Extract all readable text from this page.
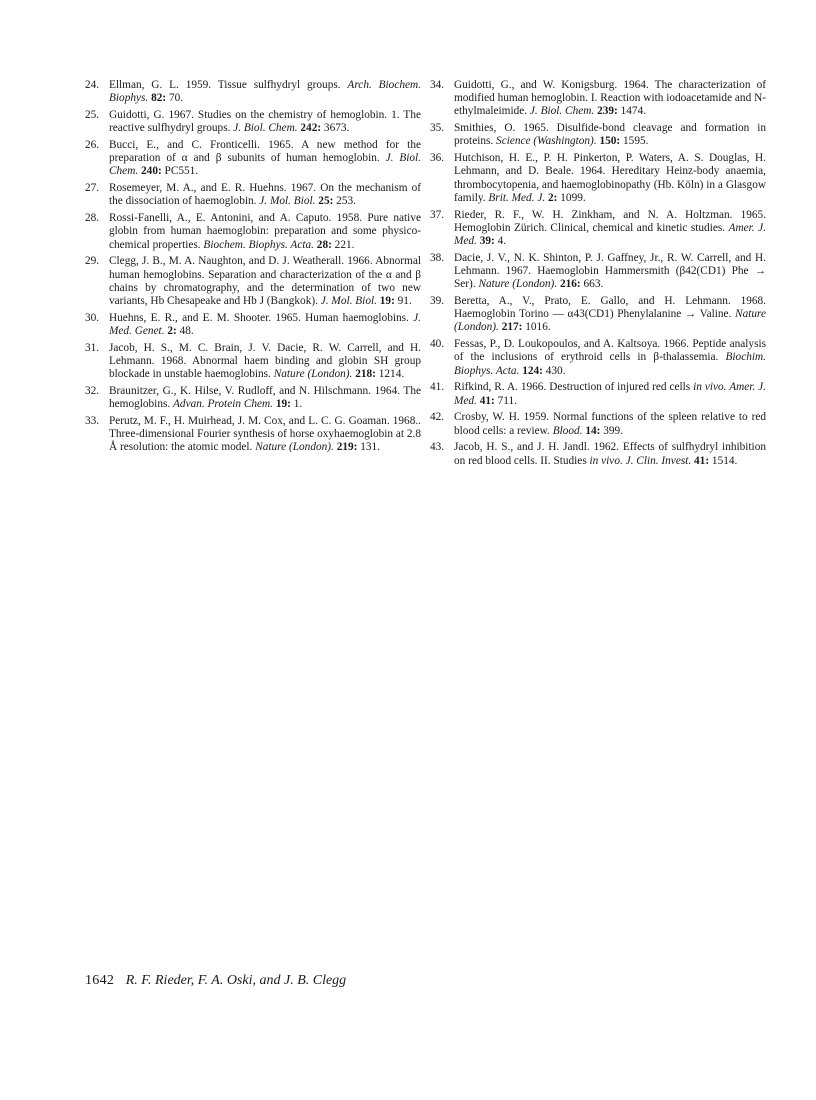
24. Ellman, G. L. 1959. Tissue sulfhydryl groups. Arch. Biochem. Biophys. 82: 70.
25. Guidotti, G. 1967. Studies on the chemistry of hemoglobin. 1. The reactive sulfhydryl groups. J. Biol. Chem. 242: 3673.
26. Bucci, E., and C. Fronticelli. 1965. A new method for the preparation of α and β subunits of human hemoglobin. J. Biol. Chem. 240: PC551.
27. Rosemeyer, M. A., and E. R. Huehns. 1967. On the mechanism of the dissociation of haemoglobin. J. Mol. Biol. 25: 253.
28. Rossi-Fanelli, A., E. Antonini, and A. Caputo. 1958. Pure native globin from human haemoglobin: preparation and some physico-chemical properties. Biochem. Biophys. Acta. 28: 221.
29. Clegg, J. B., M. A. Naughton, and D. J. Weatherall. 1966. Abnormal human hemoglobins. Separation and characterization of the α and β chains by chromatography, and the determination of two new variants, Hb Chesapeake and Hb J (Bangkok). J. Mol. Biol. 19: 91.
30. Huehns, E. R., and E. M. Shooter. 1965. Human haemoglobins. J. Med. Genet. 2: 48.
31. Jacob, H. S., M. C. Brain, J. V. Dacie, R. W. Carrell, and H. Lehmann. 1968. Abnormal haem binding and globin SH group blockade in unstable haemoglobins. Nature (London). 218: 1214.
32. Braunitzer, G., K. Hilse, V. Rudloff, and N. Hilschmann. 1964. The hemoglobins. Advan. Protein Chem. 19: 1.
33. Perutz, M. F., H. Muirhead, J. M. Cox, and L. C. G. Goaman. 1968.. Three-dimensional Fourier synthesis of horse oxyhaemoglobin at 2.8 Å resolution: the atomic model. Nature (London). 219: 131.
34. Guidotti, G., and W. Konigsburg. 1964. The characterization of modified human hemoglobin. I. Reaction with iodoacetamide and N-ethylmaleimide. J. Biol. Chem. 239: 1474.
35. Smithies, O. 1965. Disulfide-bond cleavage and formation in proteins. Science (Washington). 150: 1595.
36. Hutchison, H. E., P. H. Pinkerton, P. Waters, A. S. Douglas, H. Lehmann, and D. Beale. 1964. Hereditary Heinz-body anaemia, thrombocytopenia, and haemoglobinopathy (Hb. Köln) in a Glasgow family. Brit. Med. J. 2: 1099.
37. Rieder, R. F., W. H. Zinkham, and N. A. Holtzman. 1965. Hemoglobin Zürich. Clinical, chemical and kinetic studies. Amer. J. Med. 39: 4.
38. Dacie, J. V., N. K. Shinton, P. J. Gaffney, Jr., R. W. Carrell, and H. Lehmann. 1967. Haemoglobin Hammersmith (β42(CD1) Phe → Ser). Nature (London). 216: 663.
39. Beretta, A., V., Prato, E. Gallo, and H. Lehmann. 1968. Haemoglobin Torino — α43(CD1) Phenylalanine → Valine. Nature (London). 217: 1016.
40. Fessas, P., D. Loukopoulos, and A. Kaltsoya. 1966. Peptide analysis of the inclusions of erythroid cells in β-thalassemia. Biochim. Biophys. Acta. 124: 430.
41. Rifkind, R. A. 1966. Destruction of injured red cells in vivo. Amer. J. Med. 41: 711.
42. Crosby, W. H. 1959. Normal functions of the spleen relative to red blood cells: a review. Blood. 14: 399.
43. Jacob, H. S., and J. H. Jandl. 1962. Effects of sulfhydryl inhibition on red blood cells. II. Studies in vivo. J. Clin. Invest. 41: 1514.
1642 R. F. Rieder, F. A. Oski, and J. B. Clegg
